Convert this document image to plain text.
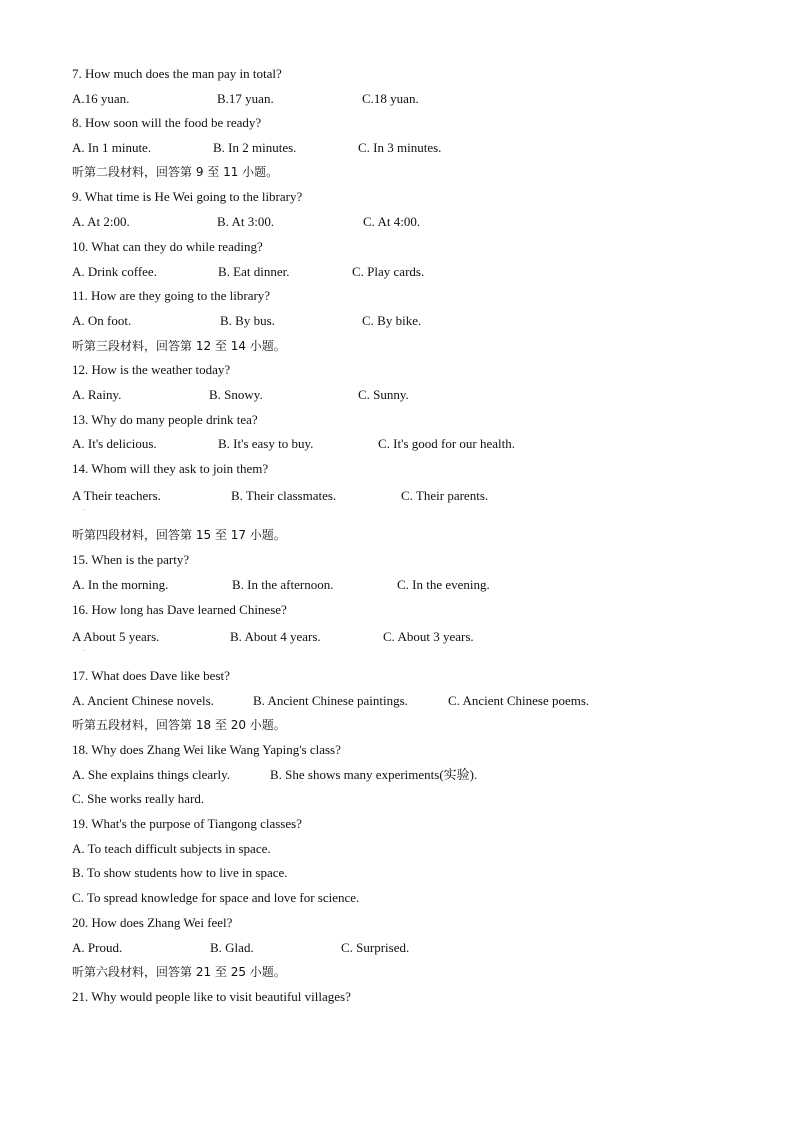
7. How much does the man pay in total?
A.16 yuan.	B.17 yuan.	C.18 yuan.
8. How soon will the food be ready?
A. In 1 minute.	B. In 2 minutes.	C. In 3 minutes.
听第二段材料，回答第 9 至 11 小题。
9. What time is He Wei going to the library?
A. At 2:00.	B. At 3:00.	C. At 4:00.
10. What can they do while reading?
A. Drink coffee.	B. Eat dinner.	C. Play cards.
11. How are they going to the library?
A. On foot.	B. By bus.	C. By bike.
听第三段材料，回答第 12 至 14 小题。
12. How is the weather today?
A. Rainy.	B. Snowy.	C. Sunny.
13. Why do many people drink tea?
A. It's delicious.	B. It's easy to buy.	C. It's good for our health.
14. Whom will they ask to join them?
A Their teachers.	B. Their classmates.	C. Their parents.
.
听第四段材料，回答第 15 至 17 小题。
15. When is the party?
A. In the morning.	B. In the afternoon.	C. In the evening.
16. How long has Dave learned Chinese?
A About 5 years.	B. About 4 years.	C. About 3 years.
.
17. What does Dave like best?
A. Ancient Chinese novels.	B. Ancient Chinese paintings.	C. Ancient Chinese poems.
听第五段材料，回答第 18 至 20 小题。
18. Why does Zhang Wei like Wang Yaping's class?
A. She explains things clearly.	B. She shows many experiments(实验).
C. She works really hard.
19. What's the purpose of Tiangong classes?
A. To teach difficult subjects in space.
B. To show students how to live in space.
C. To spread knowledge for space and love for science.
20. How does Zhang Wei feel?
A. Proud.	B. Glad.	C. Surprised.
听第六段材料，回答第 21 至 25 小题。
21. Why would people like to visit beautiful villages?
